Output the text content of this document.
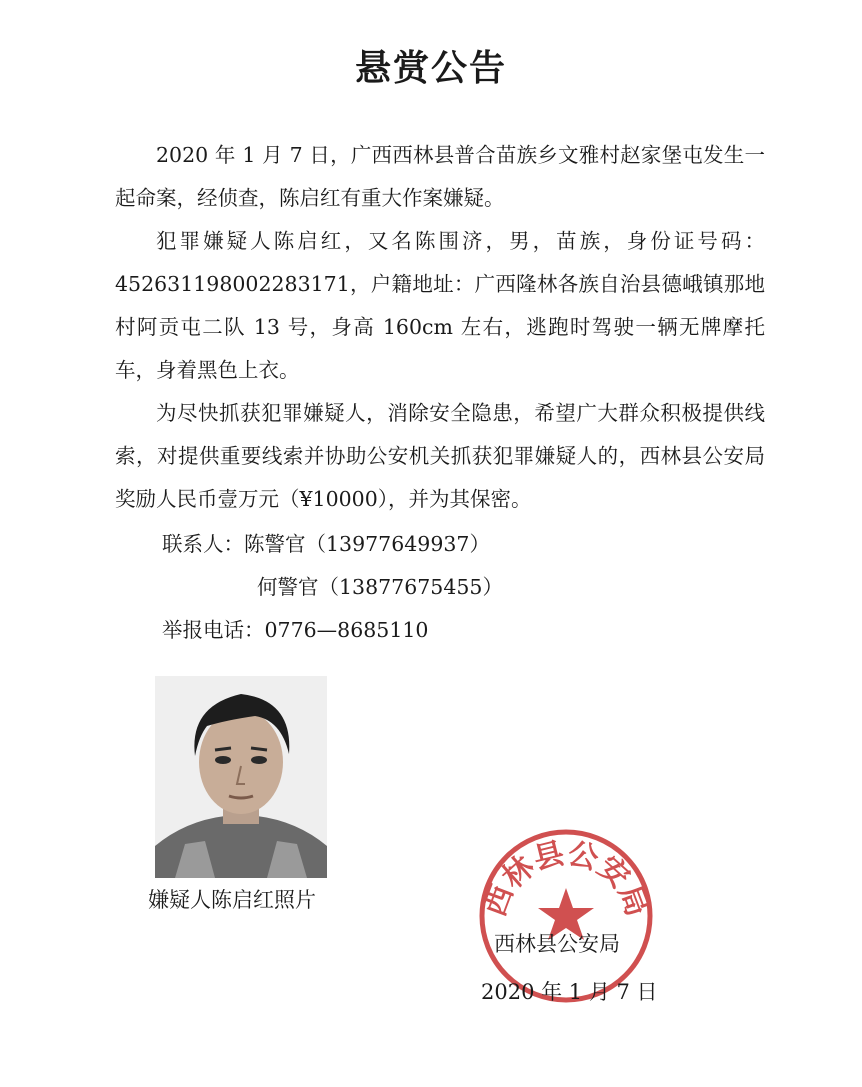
悬赏公告

2020 年 1 月 7 日，广西西林县普合苗族乡文雅村赵家堡屯发生一起命案，经侦查，陈启红有重大作案嫌疑。

犯罪嫌疑人陈启红，又名陈围济，男，苗族，身份证号码：452631198002283171，户籍地址：广西隆林各族自治县德峨镇那地村阿贡屯二队 13 号，身高 160cm 左右，逃跑时驾驶一辆无牌摩托车，身着黑色上衣。

为尽快抓获犯罪嫌疑人，消除安全隐患，希望广大群众积极提供线索，对提供重要线索并协助公安机关抓获犯罪嫌疑人的，西林县公安局奖励人民币壹万元（¥10000），并为其保密。

联系人：陈警官（13977649937）
何警官（13877675455）
举报电话：0776—8685110
嫌疑人陈启红照片	西林县公安局
西林县公安局
2020 年 1 月 7 日
